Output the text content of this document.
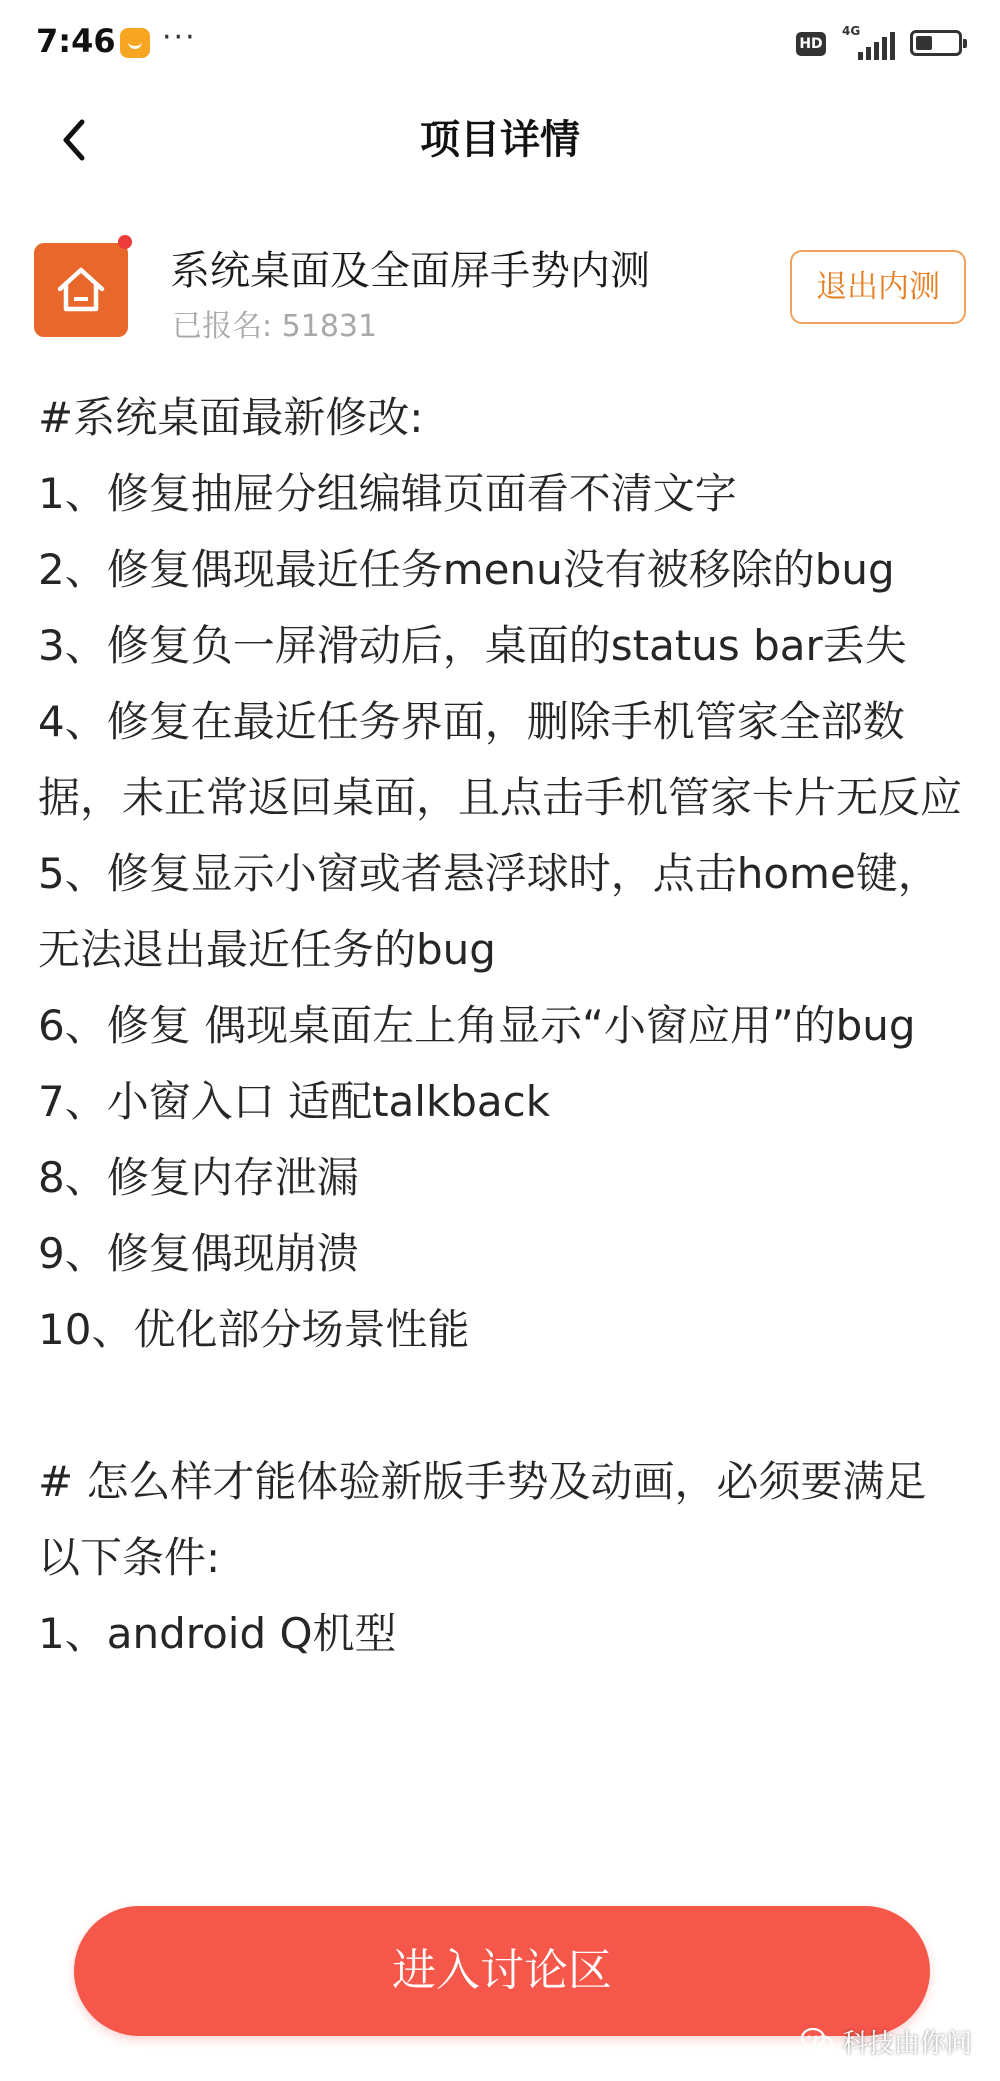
7:46 ···	HD
4G
项目详情
系统桌面及全面屏手势内测
已报名: 51831
退出内测
#系统桌面最新修改:
1、修复抽屉分组编辑页面看不清文字
2、修复偶现最近任务menu没有被移除的bug
3、修复负一屏滑动后，桌面的status bar丢失
4、修复在最近任务界面，删除手机管家全部数据，未正常返回桌面，且点击手机管家卡片无反应
5、修复显示小窗或者悬浮球时，点击home键，无法退出最近任务的bug
6、修复 偶现桌面左上角显示“小窗应用”的bug
7、小窗入口 适配talkback
8、修复内存泄漏
9、修复偶现崩溃
10、优化部分场景性能

# 怎么样才能体验新版手势及动画，必须要满足以下条件:
1、android Q机型
进入讨论区
科技由你问
